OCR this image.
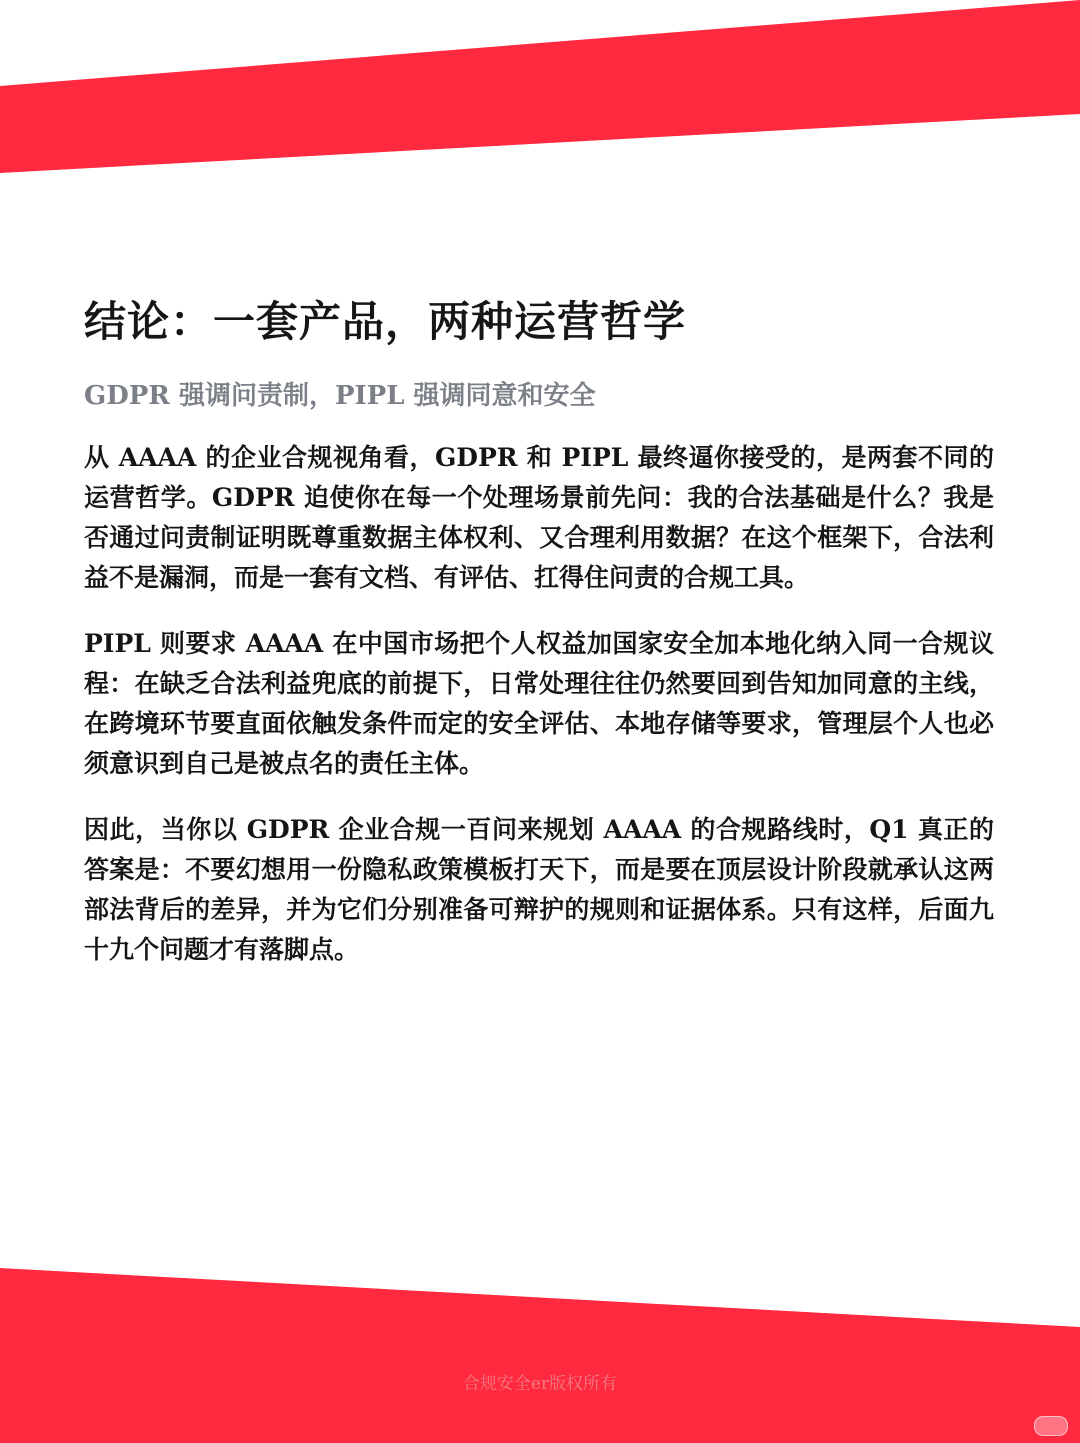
结论：一套产品，两种运营哲学
GDPR 强调问责制，PIPL 强调同意和安全

从 AAAA 的企业合规视角看，GDPR 和 PIPL 最终逼你接受的，是两套不同的运营哲学。GDPR 迫使你在每一个处理场景前先问：我的合法基础是什么？我是否通过问责制证明既尊重数据主体权利、又合理利用数据？在这个框架下，合法利益不是漏洞，而是一套有文档、有评估、扛得住问责的合规工具。

PIPL 则要求 AAAA 在中国市场把个人权益加国家安全加本地化纳入同一合规议程：在缺乏合法利益兜底的前提下，日常处理往往仍然要回到告知加同意的主线，在跨境环节要直面依触发条件而定的安全评估、本地存储等要求，管理层个人也必须意识到自己是被点名的责任主体。

因此，当你以 GDPR 企业合规一百问来规划 AAAA 的合规路线时，Q1 真正的答案是：不要幻想用一份隐私政策模板打天下，而是要在顶层设计阶段就承认这两部法背后的差异，并为它们分别准备可辩护的规则和证据体系。只有这样，后面九十九个问题才有落脚点。

合规安全er版权所有
